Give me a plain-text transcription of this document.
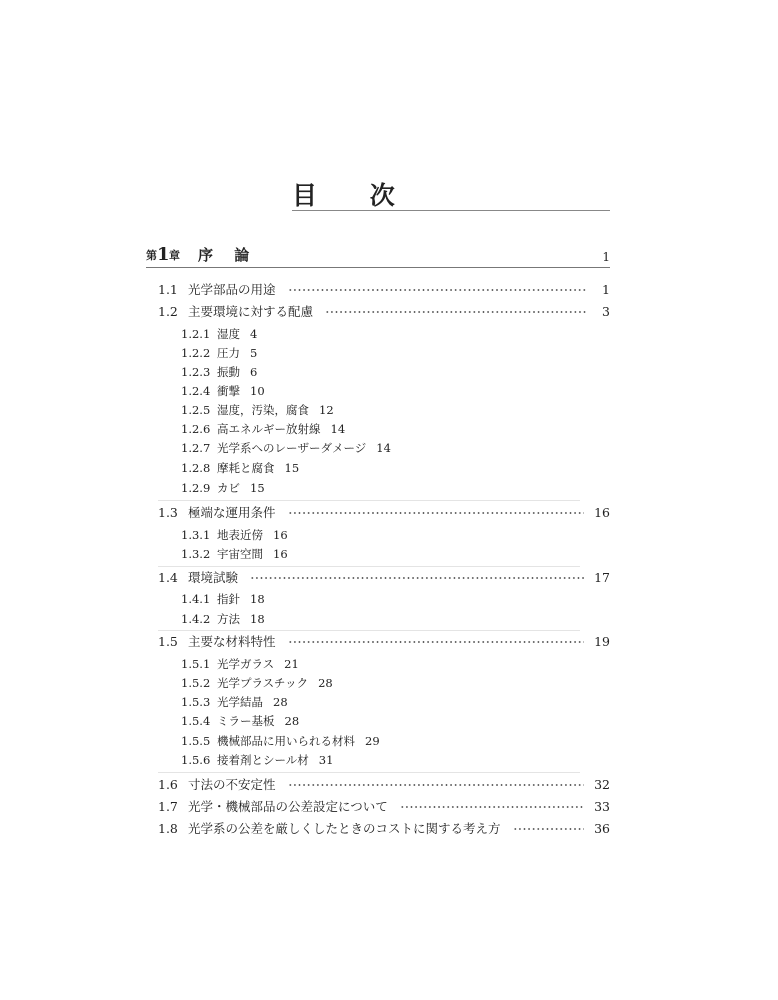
目 次
第 1 章 序 論	1
1.1 光学部品の用途	1
1.2 主要環境に対する配慮	3
1.2.1 湿度 4
1.2.2 圧力 5
1.2.3 振動 6
1.2.4 衝撃 10
1.2.5 湿度，汚染，腐食 12
1.2.6 高エネルギー放射線 14
1.2.7 光学系へのレーザーダメージ 14
1.2.8 摩耗と腐食 15
1.2.9 カビ 15
1.3 極端な運用条件	16
1.3.1 地表近傍 16
1.3.2 宇宙空間 16
1.4 環境試験	17
1.4.1 指針 18
1.4.2 方法 18
1.5 主要な材料特性	19
1.5.1 光学ガラス 21
1.5.2 光学プラスチック 28
1.5.3 光学結晶 28
1.5.4 ミラー基板 28
1.5.5 機械部品に用いられる材料 29
1.5.6 接着剤とシール材 31
1.6 寸法の不安定性	32
1.7 光学・機械部品の公差設定について	33
1.8 光学系の公差を厳しくしたときのコストに関する考え方	36
